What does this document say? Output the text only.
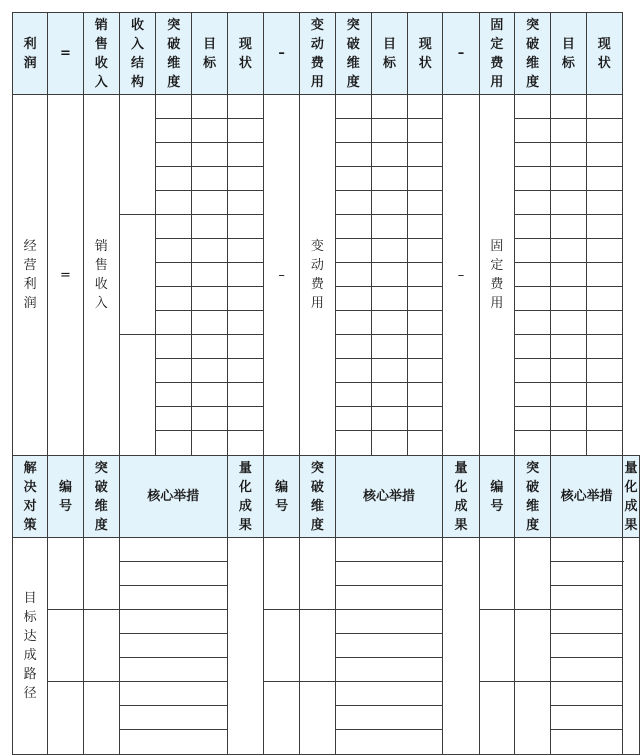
利润	=	销售收入	收入结构	突破维度	目标	现状	–	变动费用	突破维度	目标	现状	–	固定费用	突破维度	目标	现状	

经营利润	=	销售收入					–	变动费用				–	固定费用				

解决对策	编号	突破维度	核心举措			量化成果	编号	突破维度	核心举措			量化成果	编号	突破维度	核心举措		量化成果

目标达成路径																	
